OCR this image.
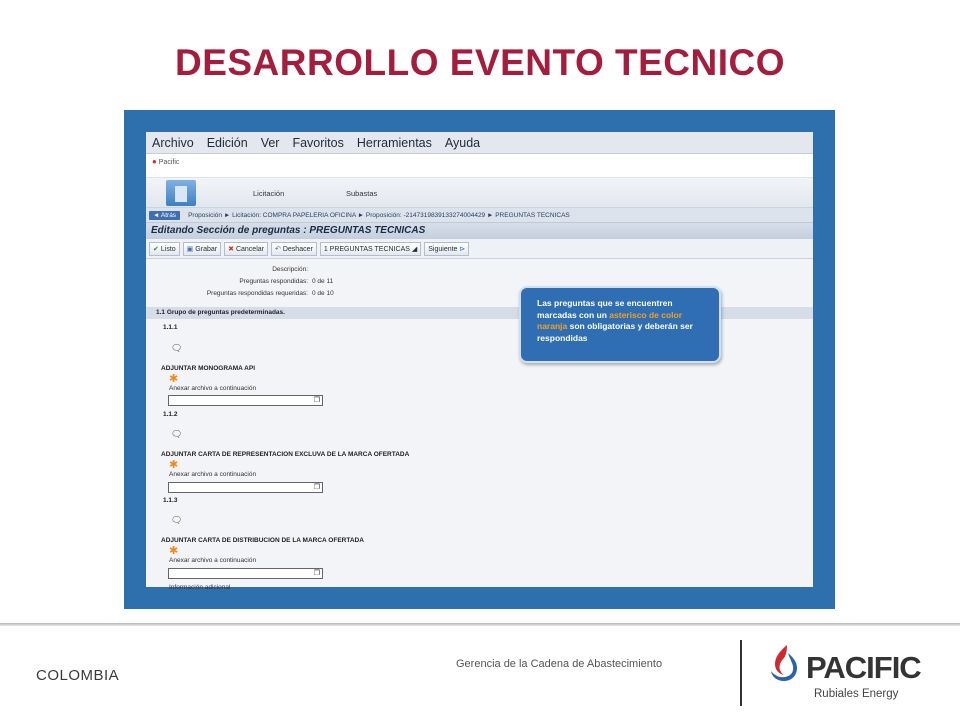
DESARROLLO EVENTO TECNICO
Archivo Edición Ver Favoritos Herramientas Ayuda
● Pacific
Licitación	Subastas
◄ Atrás	Proposición ► Licitación: COMPRA PAPELERIA OFICINA ► Proposición: -2147319839133274004429 ► PREGUNTAS TECNICAS
Editando Sección de preguntas : PREGUNTAS TECNICAS
✔ Listo	▣ Grabar	✖ Cancelar	↶ Deshacer	1 PREGUNTAS TECNICAS ◢	Siguiente ⊳
Descripción:
Preguntas respondidas: 0 de 11
Preguntas respondidas requeridas: 0 de 10
1.1 Grupo de preguntas predeterminadas.
1.1.1
🗨
ADJUNTAR MONOGRAMA API
✱
Anexar archivo a continuación
❐
1.1.2
🗨
ADJUNTAR CARTA DE REPRESENTACION EXCLUVA DE LA MARCA OFERTADA
✱
Anexar archivo a continuación
❐
1.1.3
🗨
ADJUNTAR CARTA DE DISTRIBUCION DE LA MARCA OFERTADA
✱
Anexar archivo a continuación
❐
Información adicional
Las preguntas que se encuentren marcadas con un asterisco de color naranja son obligatorias y deberán ser respondidas
COLOMBIA
Gerencia de la Cadena de Abastecimiento	PACIFIC
Rubiales Energy
